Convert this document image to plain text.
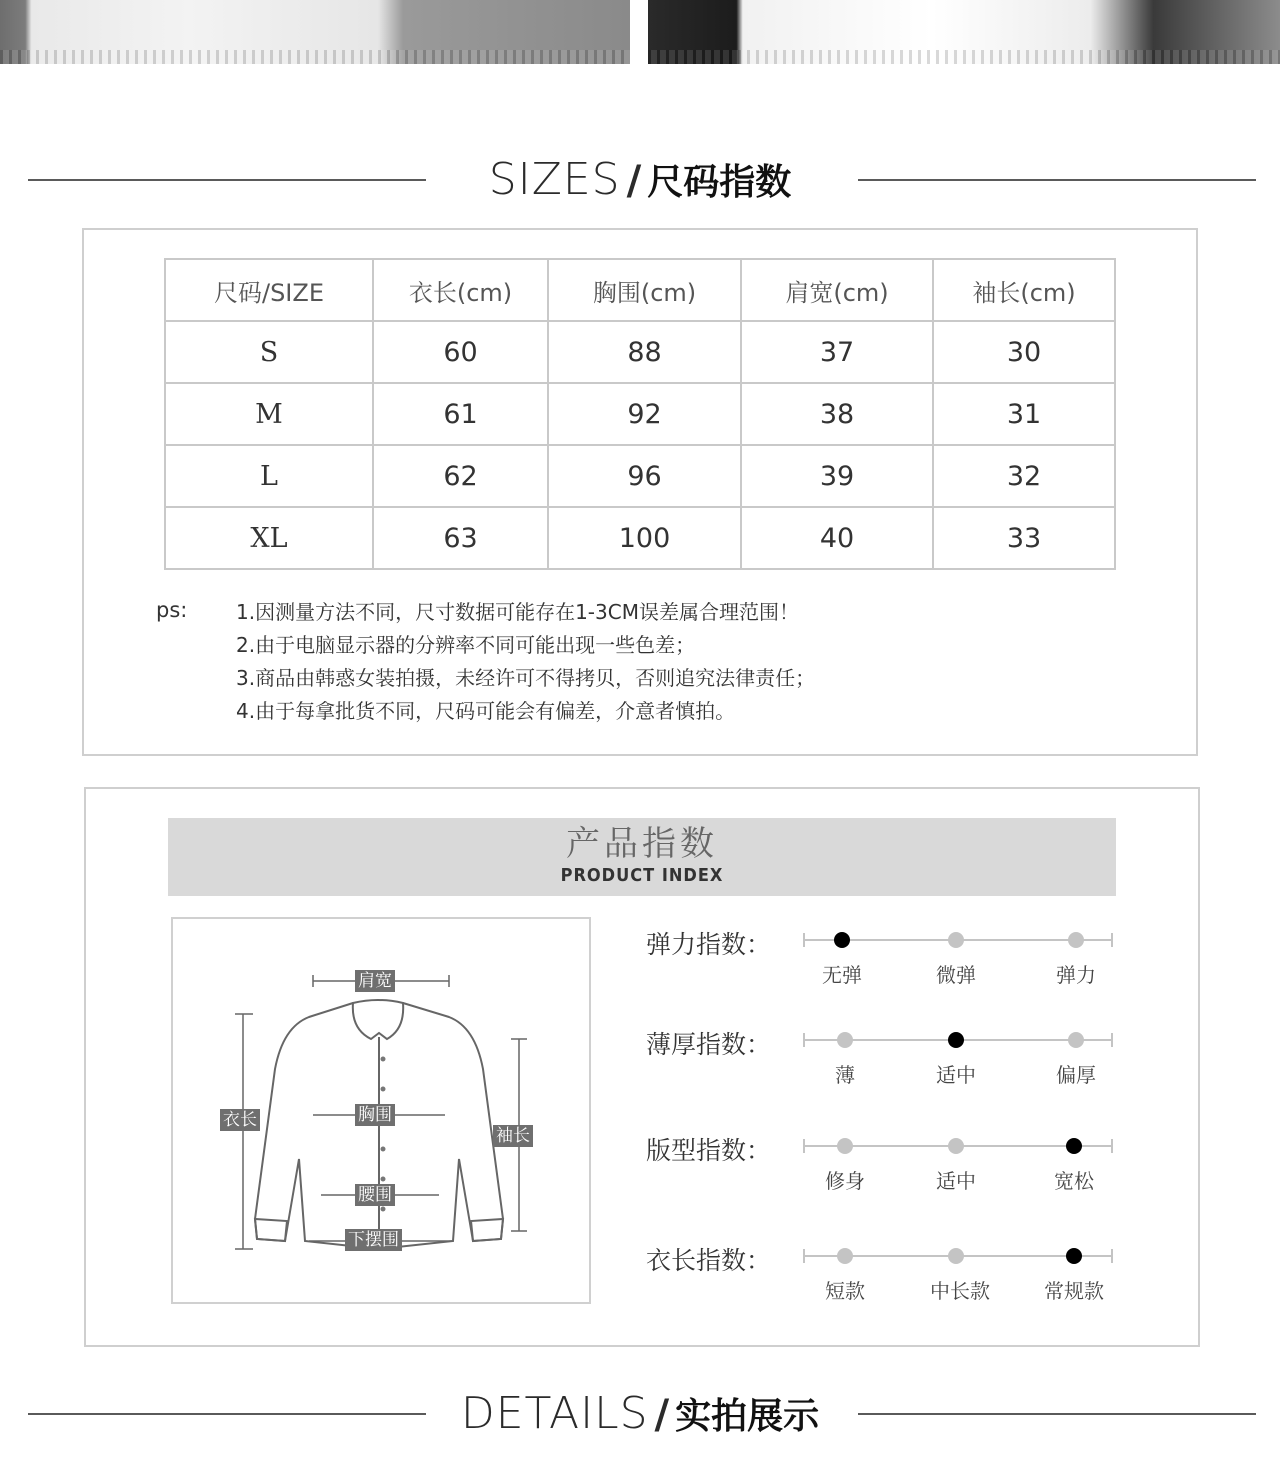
SIZES / 尺码指数
尺码/SIZE	衣长(cm)	胸围(cm)	肩宽(cm)	袖长(cm)
S	60	88	37	30
M	61	92	38	31
L	62	96	39	32
XL	63	100	40	33
ps: 1.因测量方法不同，尺寸数据可能存在1-3CM误差属合理范围！
2.由于电脑显示器的分辨率不同可能出现一些色差；
3.商品由韩惑女装拍摄，未经许可不得拷贝，否则追究法律责任；
4.由于每拿批货不同，尺码可能会有偏差，介意者慎拍。
产品指数
PRODUCT INDEX
肩宽
衣长	胸围
袖长
腰围
下摆围
弹力指数：
无弹	微弹	弹力
薄厚指数：
薄	适中	偏厚
版型指数：
修身	适中	宽松
衣长指数：
短款	中长款	常规款
DETAILS / 实拍展示
